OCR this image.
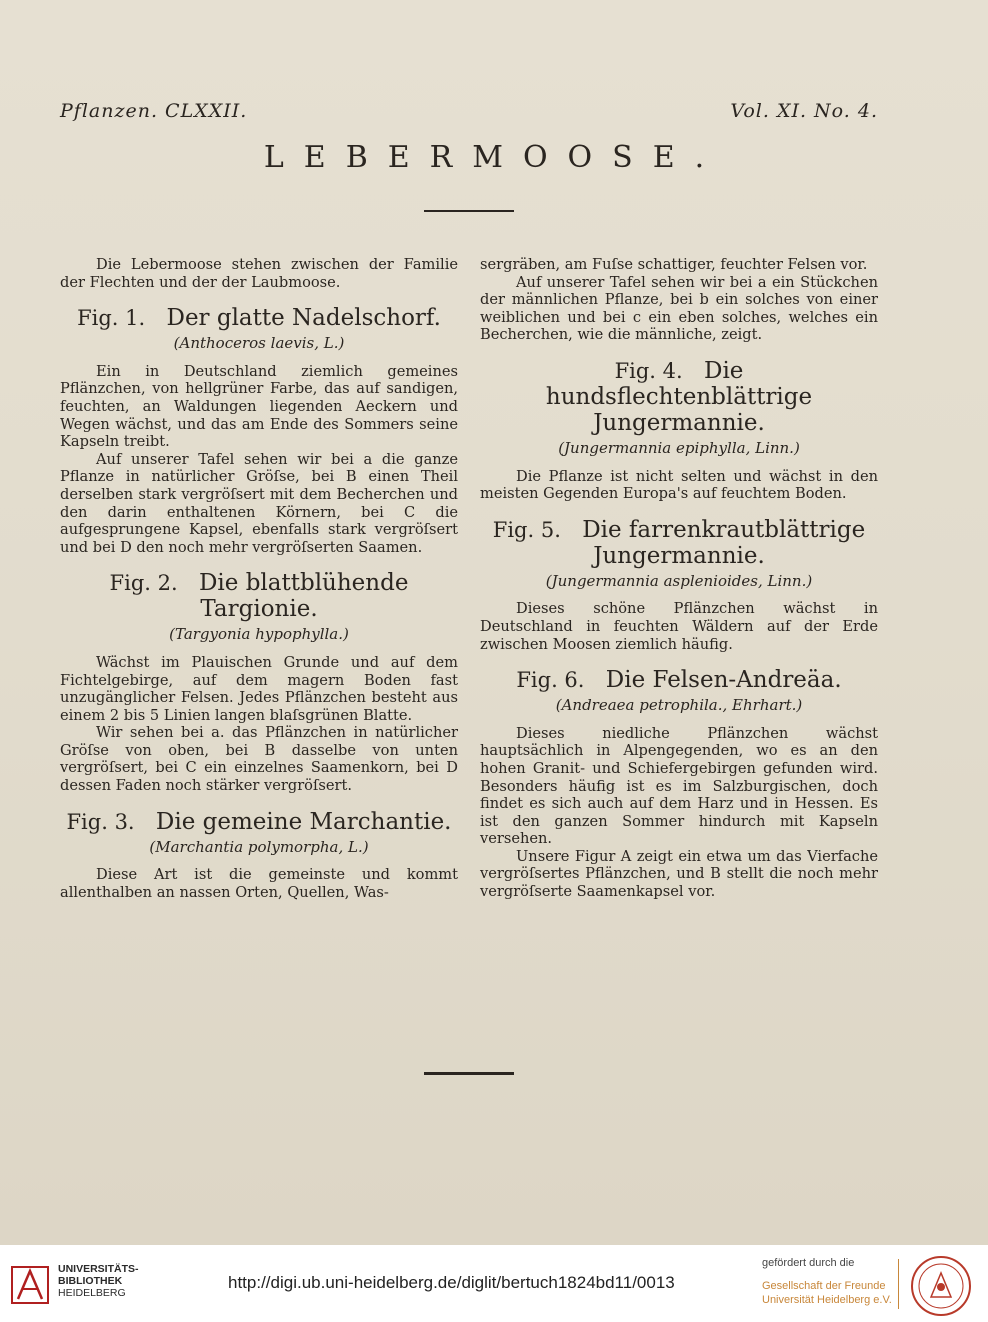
Pflanzen. CLXXII.	Vol. XI. No. 4.
LEBERMOOSE.

Die Lebermoose stehen zwischen der Familie der Flechten und der der Laubmoose.

Fig. 1. Der glatte Nadelschorf.
(Anthoceros laevis, L.)

Ein in Deutschland ziemlich gemeines Pflänzchen, von hellgrüner Farbe, das auf sandigen, feuchten, an Waldungen liegenden Aeckern und Wegen wächst, und das am Ende des Sommers seine Kapseln treibt.

Auf unserer Tafel sehen wir bei a die ganze Pflanze in natürlicher Gröſse, bei B einen Theil derselben stark vergröſsert mit dem Becherchen und den darin enthaltenen Körnern, bei C die aufgesprungene Kapsel, ebenfalls stark vergröſsert und bei D den noch mehr vergröſserten Saamen.

Fig. 2. Die blattblühende Targionie.
(Targyonia hypophylla.)

Wächst im Plauischen Grunde und auf dem Fichtelgebirge, auf dem magern Boden fast unzugänglicher Felsen. Jedes Pflänzchen besteht aus einem 2 bis 5 Linien langen blaſsgrünen Blatte.

Wir sehen bei a. das Pflänzchen in natürlicher Gröſse von oben, bei B dasselbe von unten vergröſsert, bei C ein einzelnes Saamenkorn, bei D dessen Faden noch stärker vergröſsert.

Fig. 3. Die gemeine Marchantie.
(Marchantia polymorpha, L.)

Diese Art ist die gemeinste und kommt allenthalben an nassen Orten, Quellen, Was-

sergräben, am Fuſse schattiger, feuchter Felsen vor.

Auf unserer Tafel sehen wir bei a ein Stückchen der männlichen Pflanze, bei b ein solches von einer weiblichen und bei c ein eben solches, welches ein Becherchen, wie die männliche, zeigt.

Fig. 4. Die hundsflechtenblättrige Jungermannie.
(Jungermannia epiphylla, Linn.)

Die Pflanze ist nicht selten und wächst in den meisten Gegenden Europa's auf feuchtem Boden.

Fig. 5. Die farrenkrautblättrige Jungermannie.
(Jungermannia asplenioides, Linn.)

Dieses schöne Pflänzchen wächst in Deutschland in feuchten Wäldern auf der Erde zwischen Moosen ziemlich häufig.

Fig. 6. Die Felsen-Andreäa.
(Andreaea petrophila., Ehrhart.)

Dieses niedliche Pflänzchen wächst hauptsächlich in Alpengegenden, wo es an den hohen Granit- und Schiefergebirgen gefunden wird. Besonders häufig ist es im Salzburgischen, doch findet es sich auch auf dem Harz und in Hessen. Es ist den ganzen Sommer hindurch mit Kapseln versehen.

Unsere Figur A zeigt ein etwa um das Vierfache vergröſsertes Pflänzchen, und B stellt die noch mehr vergröſserte Saamenkapsel vor.

UNIVERSITÄTS-
BIBLIOTHEK
HEIDELBERG
http://digi.ub.uni-heidelberg.de/diglit/bertuch1824bd11/0013
gefördert durch die
Gesellschaft der Freunde
Universität Heidelberg e.V.
